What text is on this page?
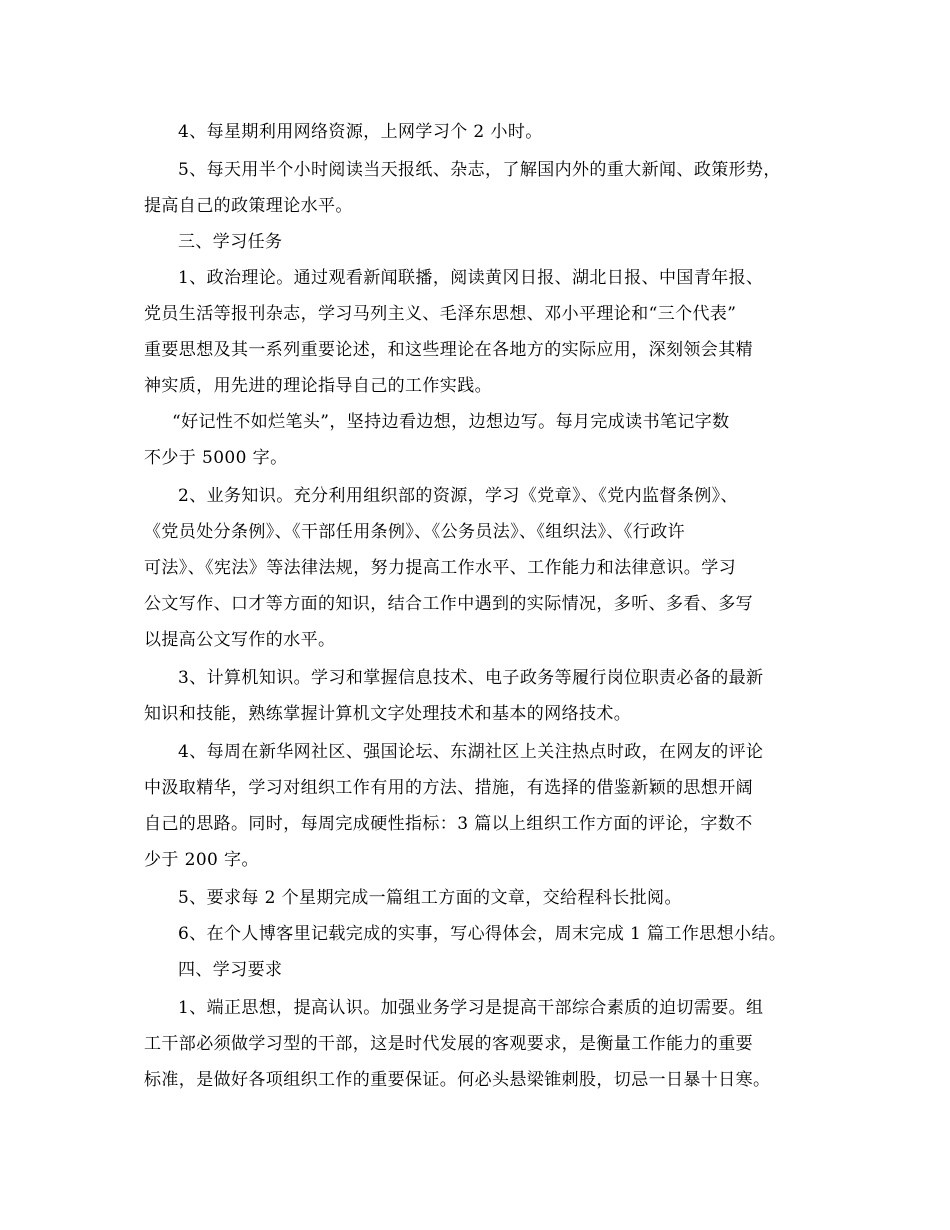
4、每星期利用网络资源，上网学习个 2 小时。
5、每天用半个小时阅读当天报纸、杂志，了解国内外的重大新闻、政策形势，
提高自己的政策理论水平。
三、学习任务
1、政治理论。通过观看新闻联播，阅读黄冈日报、湖北日报、中国青年报、
党员生活等报刊杂志，学习马列主义、毛泽东思想、邓小平理论和“三个代表”
重要思想及其一系列重要论述，和这些理论在各地方的实际应用，深刻领会其精
神实质，用先进的理论指导自己的工作实践。
“好记性不如烂笔头”，坚持边看边想，边想边写。每月完成读书笔记字数
不少于 5000 字。
2、业务知识。充分利用组织部的资源，学习《党章》、《党内监督条例》、
《党员处分条例》、《干部任用条例》、《公务员法》、《组织法》、《行政许
可法》、《宪法》等法律法规，努力提高工作水平、工作能力和法律意识。学习
公文写作、口才等方面的知识，结合工作中遇到的实际情况，多听、多看、多写
以提高公文写作的水平。
3、计算机知识。学习和掌握信息技术、电子政务等履行岗位职责必备的最新
知识和技能，熟练掌握计算机文字处理技术和基本的网络技术。
4、每周在新华网社区、强国论坛、东湖社区上关注热点时政，在网友的评论
中汲取精华，学习对组织工作有用的方法、措施，有选择的借鉴新颖的思想开阔
自己的思路。同时，每周完成硬性指标：3 篇以上组织工作方面的评论，字数不
少于 200 字。
5、要求每 2 个星期完成一篇组工方面的文章，交给程科长批阅。
6、在个人博客里记载完成的实事，写心得体会，周末完成 1 篇工作思想小结。
四、学习要求
1、端正思想，提高认识。加强业务学习是提高干部综合素质的迫切需要。组
工干部必须做学习型的干部，这是时代发展的客观要求，是衡量工作能力的重要
标准，是做好各项组织工作的重要保证。何必头悬梁锥刺股，切忌一日暴十日寒。
